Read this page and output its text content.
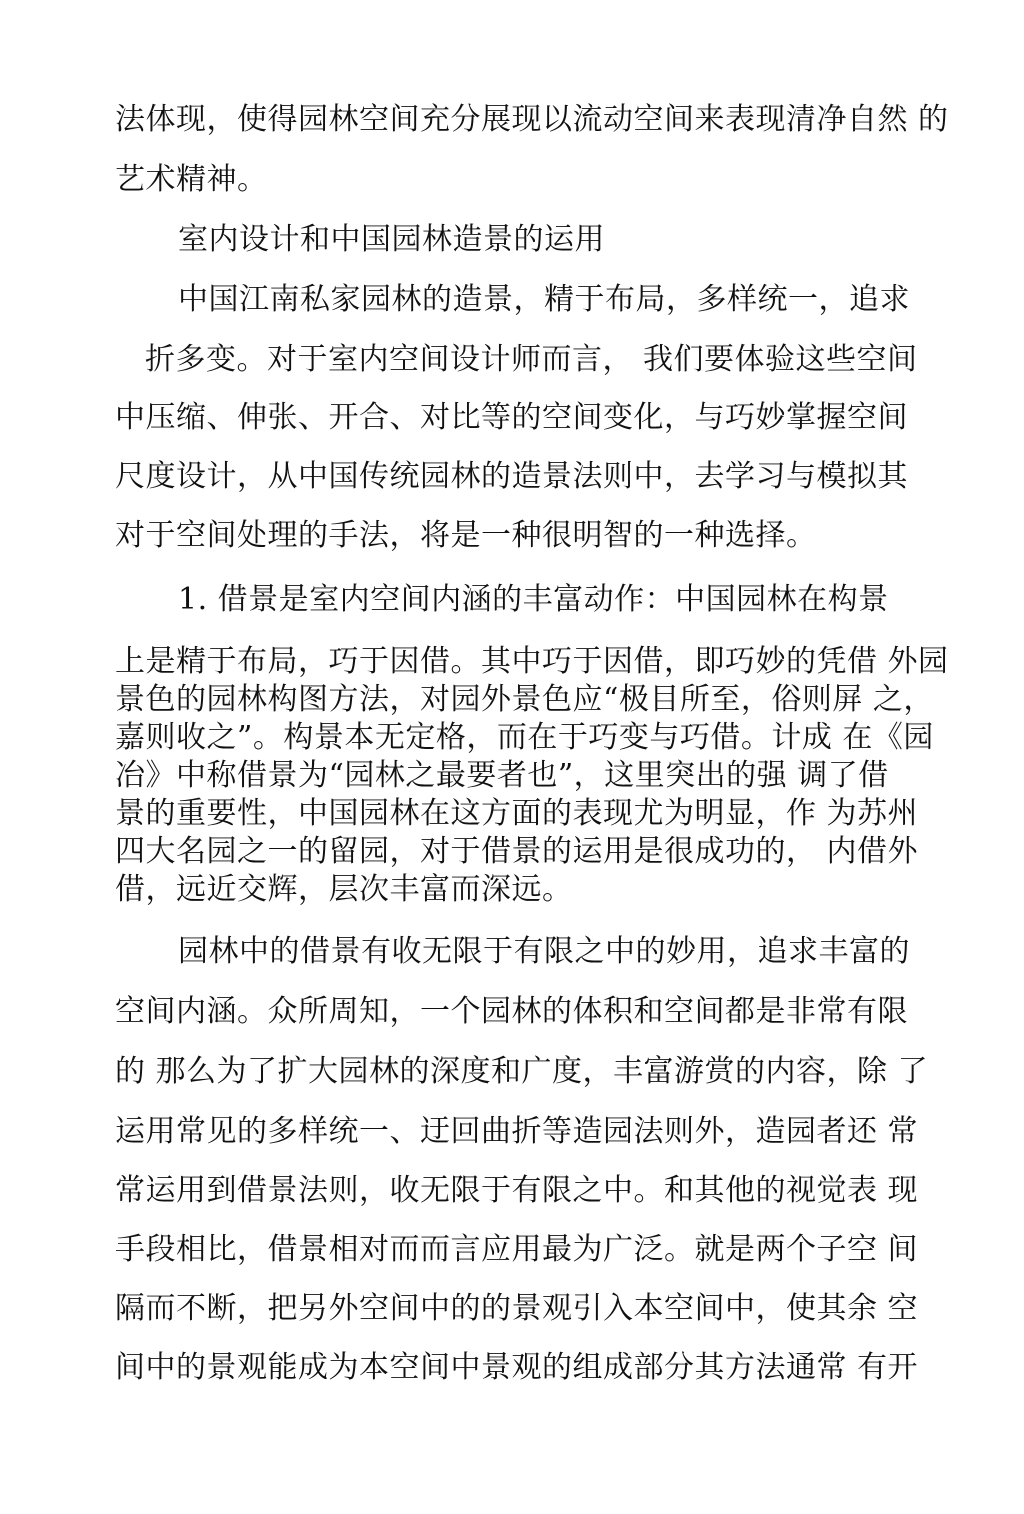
法体现，使得园林空间充分展现以流动空间来表现清净自然 的
艺术精神。
室内设计和中国园林造景的运用
中国江南私家园林的造景，精于布局，多样统一，追求
折多变。对于室内空间设计师而言， 我们要体验这些空间
中压缩、伸张、开合、对比等的空间变化，与巧妙掌握空间
尺度设计，从中国传统园林的造景法则中，去学习与模拟其
对于空间处理的手法，将是一种很明智的一种选择。
1. 借景是室内空间内涵的丰富动作：中国园林在构景
上是精于布局，巧于因借。其中巧于因借，即巧妙的凭借 外园
景色的园林构图方法，对园外景色应“极目所至，俗则屏 之，
嘉则收之”。构景本无定格，而在于巧变与巧借。计成 在《园
冶》中称借景为“园林之最要者也”，这里突出的强 调了借
景的重要性，中国园林在这方面的表现尤为明显，作 为苏州
四大名园之一的留园，对于借景的运用是很成功的， 内借外
借，远近交辉，层次丰富而深远。
园林中的借景有收无限于有限之中的妙用，追求丰富的
空间内涵。众所周知，一个园林的体积和空间都是非常有限
的 那么为了扩大园林的深度和广度，丰富游赏的内容，除 了
运用常见的多样统一、迂回曲折等造园法则外，造园者还 常
常运用到借景法则，收无限于有限之中。和其他的视觉表 现
手段相比，借景相对而而言应用最为广泛。就是两个子空 间
隔而不断，把另外空间中的的景观引入本空间中，使其余 空
间中的景观能成为本空间中景观的组成部分其方法通常 有开
